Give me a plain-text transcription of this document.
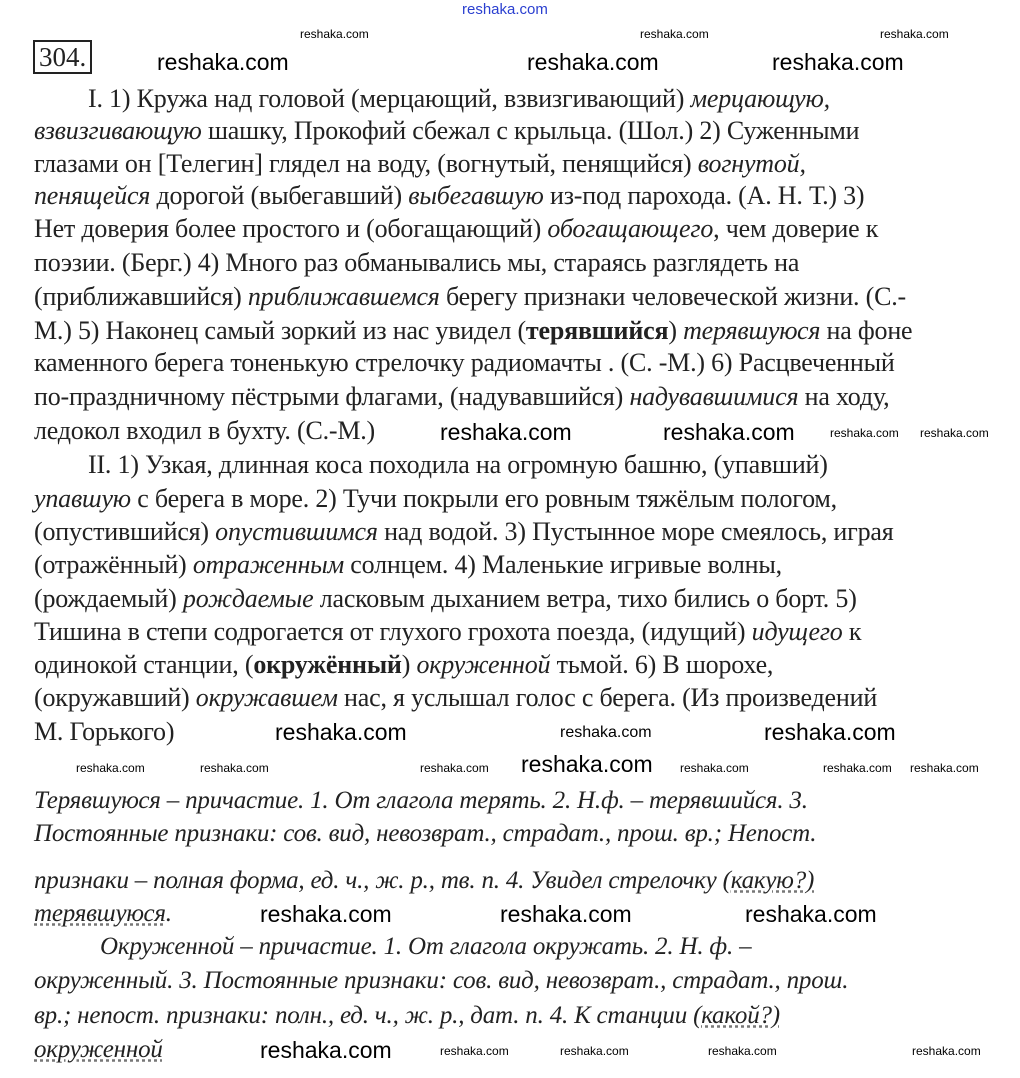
304.
I. 1) Кружа над головой (мерцающий, взвизгивающий) мерцающую,
взвизгивающую шашку, Прокофий сбежал с крыльца. (Шол.) 2) Суженными
глазами он [Телегин] глядел на воду, (вогнутый, пенящийся) вогнутой,
пенящейся дорогой (выбегавший) выбегавшую из-под парохода. (А. Н. Т.) 3)
Нет доверия более простого и (обогащающий) обогащающего, чем доверие к
поэзии. (Берг.) 4) Много раз обманывались мы, стараясь разглядеть на
(приближавшийся) приближавшемся берегу признаки человеческой жизни. (С.-
М.) 5) Наконец самый зоркий из нас увидел (терявшийся) терявшуюся на фоне
каменного берега тоненькую стрелочку радиомачты . (С. -М.) 6) Расцвеченный
по-праздничному пёстрыми флагами, (надувавшийся) надувавшимися на ходу,
ледокол входил в бухту. (С.-М.)
II. 1) Узкая, длинная коса походила на огромную башню, (упавший)
упавшую с берега в море. 2) Тучи покрыли его ровным тяжёлым пологом,
(опустившийся) опустившимся над водой. 3) Пустынное море смеялось, играя
(отражённый) отраженным солнцем. 4) Маленькие игривые волны,
(рождаемый) рождаемые ласковым дыханием ветра, тихо бились о борт. 5)
Тишина в степи содрогается от глухого грохота поезда, (идущий) идущего к
одинокой станции, (окружённый) окруженной тьмой. 6) В шорохе,
(окружавший) окружавшем нас, я услышал голос с берега. (Из произведений
М. Горького)
Терявшуюся – причастие. 1. От глагола терять. 2. Н.ф. – терявшийся. 3.
Постоянные признаки: сов. вид, невозврат., страдат., прош. вр.; Непост.
признаки – полная форма, ед. ч., ж. р., тв. п. 4. Увидел стрелочку (какую?)
терявшуюся.
Окруженной – причастие. 1. От глагола окружать. 2. Н. ф. –
окруженный. 3. Постоянные признаки: сов. вид, невозврат., страдат., прош.
вр.; непост. признаки: полн., ед. ч., ж. р., дат. п. 4. К станции (какой?)
окруженной
reshaka.com
reshaka.com	reshaka.com	reshaka.com
reshaka.com
reshaka.com
reshaka.com
reshaka.com	reshaka.com reshaka.com
reshaka.com
reshaka.com	reshaka.com	reshaka.com
reshaka.com	reshaka.com
reshaka.com
reshaka.com
reshaka.com
reshaka.com	reshaka.com
reshaka.com	reshaka.com	reshaka.com
reshaka.com
reshaka.com	reshaka.com	reshaka.com
reshaka.com
